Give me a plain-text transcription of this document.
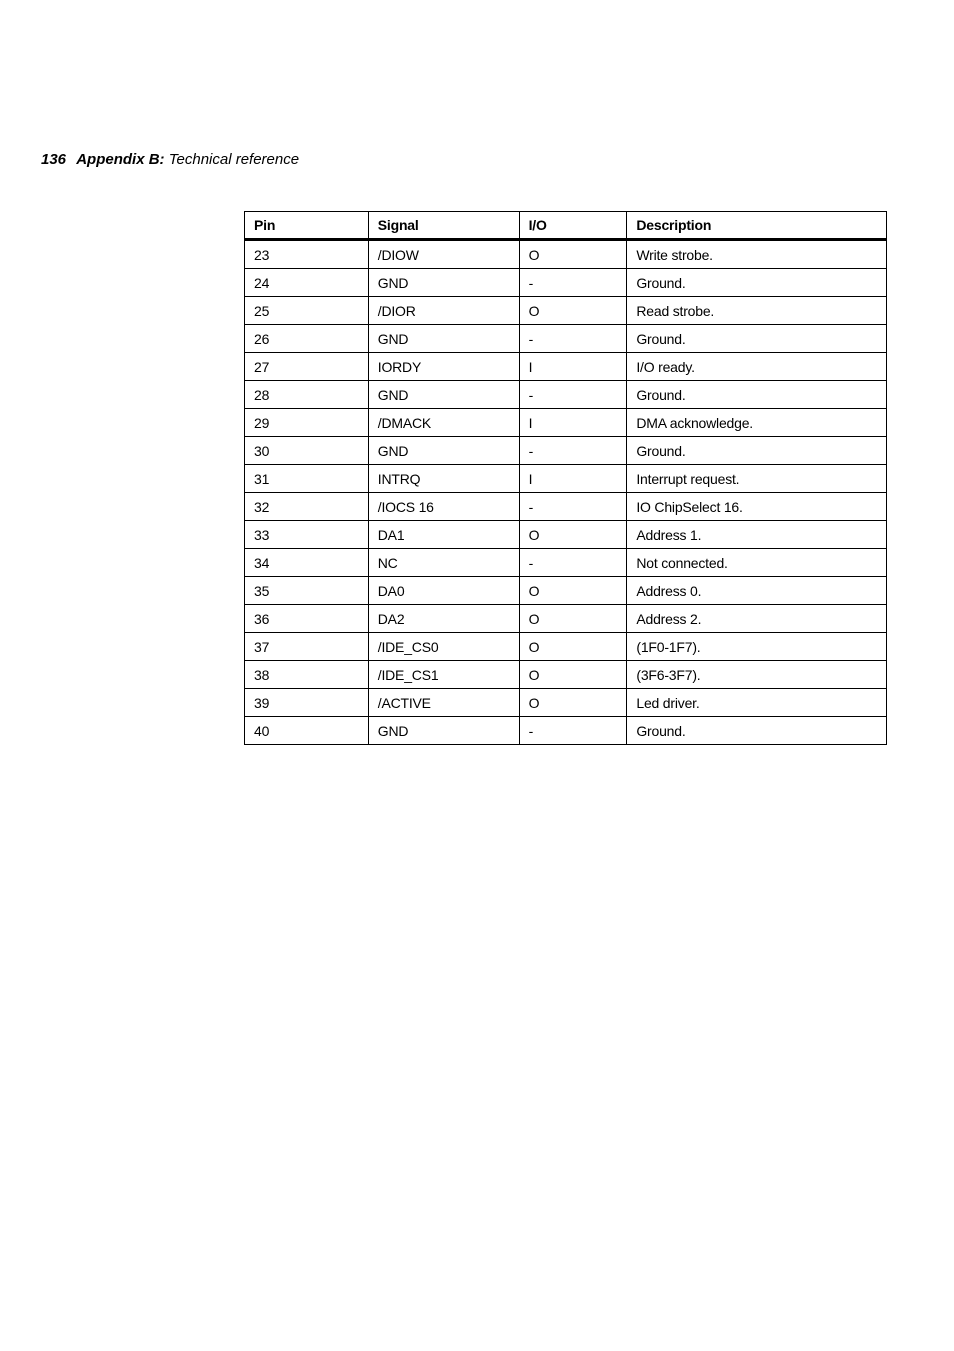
136 Appendix B: Technical reference
Pin	Signal	I/O	Description
23	/DIOW	O	Write strobe.
24	GND	-	Ground.
25	/DIOR	O	Read strobe.
26	GND	-	Ground.
27	IORDY	I	I/O ready.
28	GND	-	Ground.
29	/DMACK	I	DMA acknowledge.
30	GND	-	Ground.
31	INTRQ	I	Interrupt request.
32	/IOCS 16	-	IO ChipSelect 16.
33	DA1	O	Address 1.
34	NC	-	Not connected.
35	DA0	O	Address 0.
36	DA2	O	Address 2.
37	/IDE_CS0	O	(1F0-1F7).
38	/IDE_CS1	O	(3F6-3F7).
39	/ACTIVE	O	Led driver.
40	GND	-	Ground.
